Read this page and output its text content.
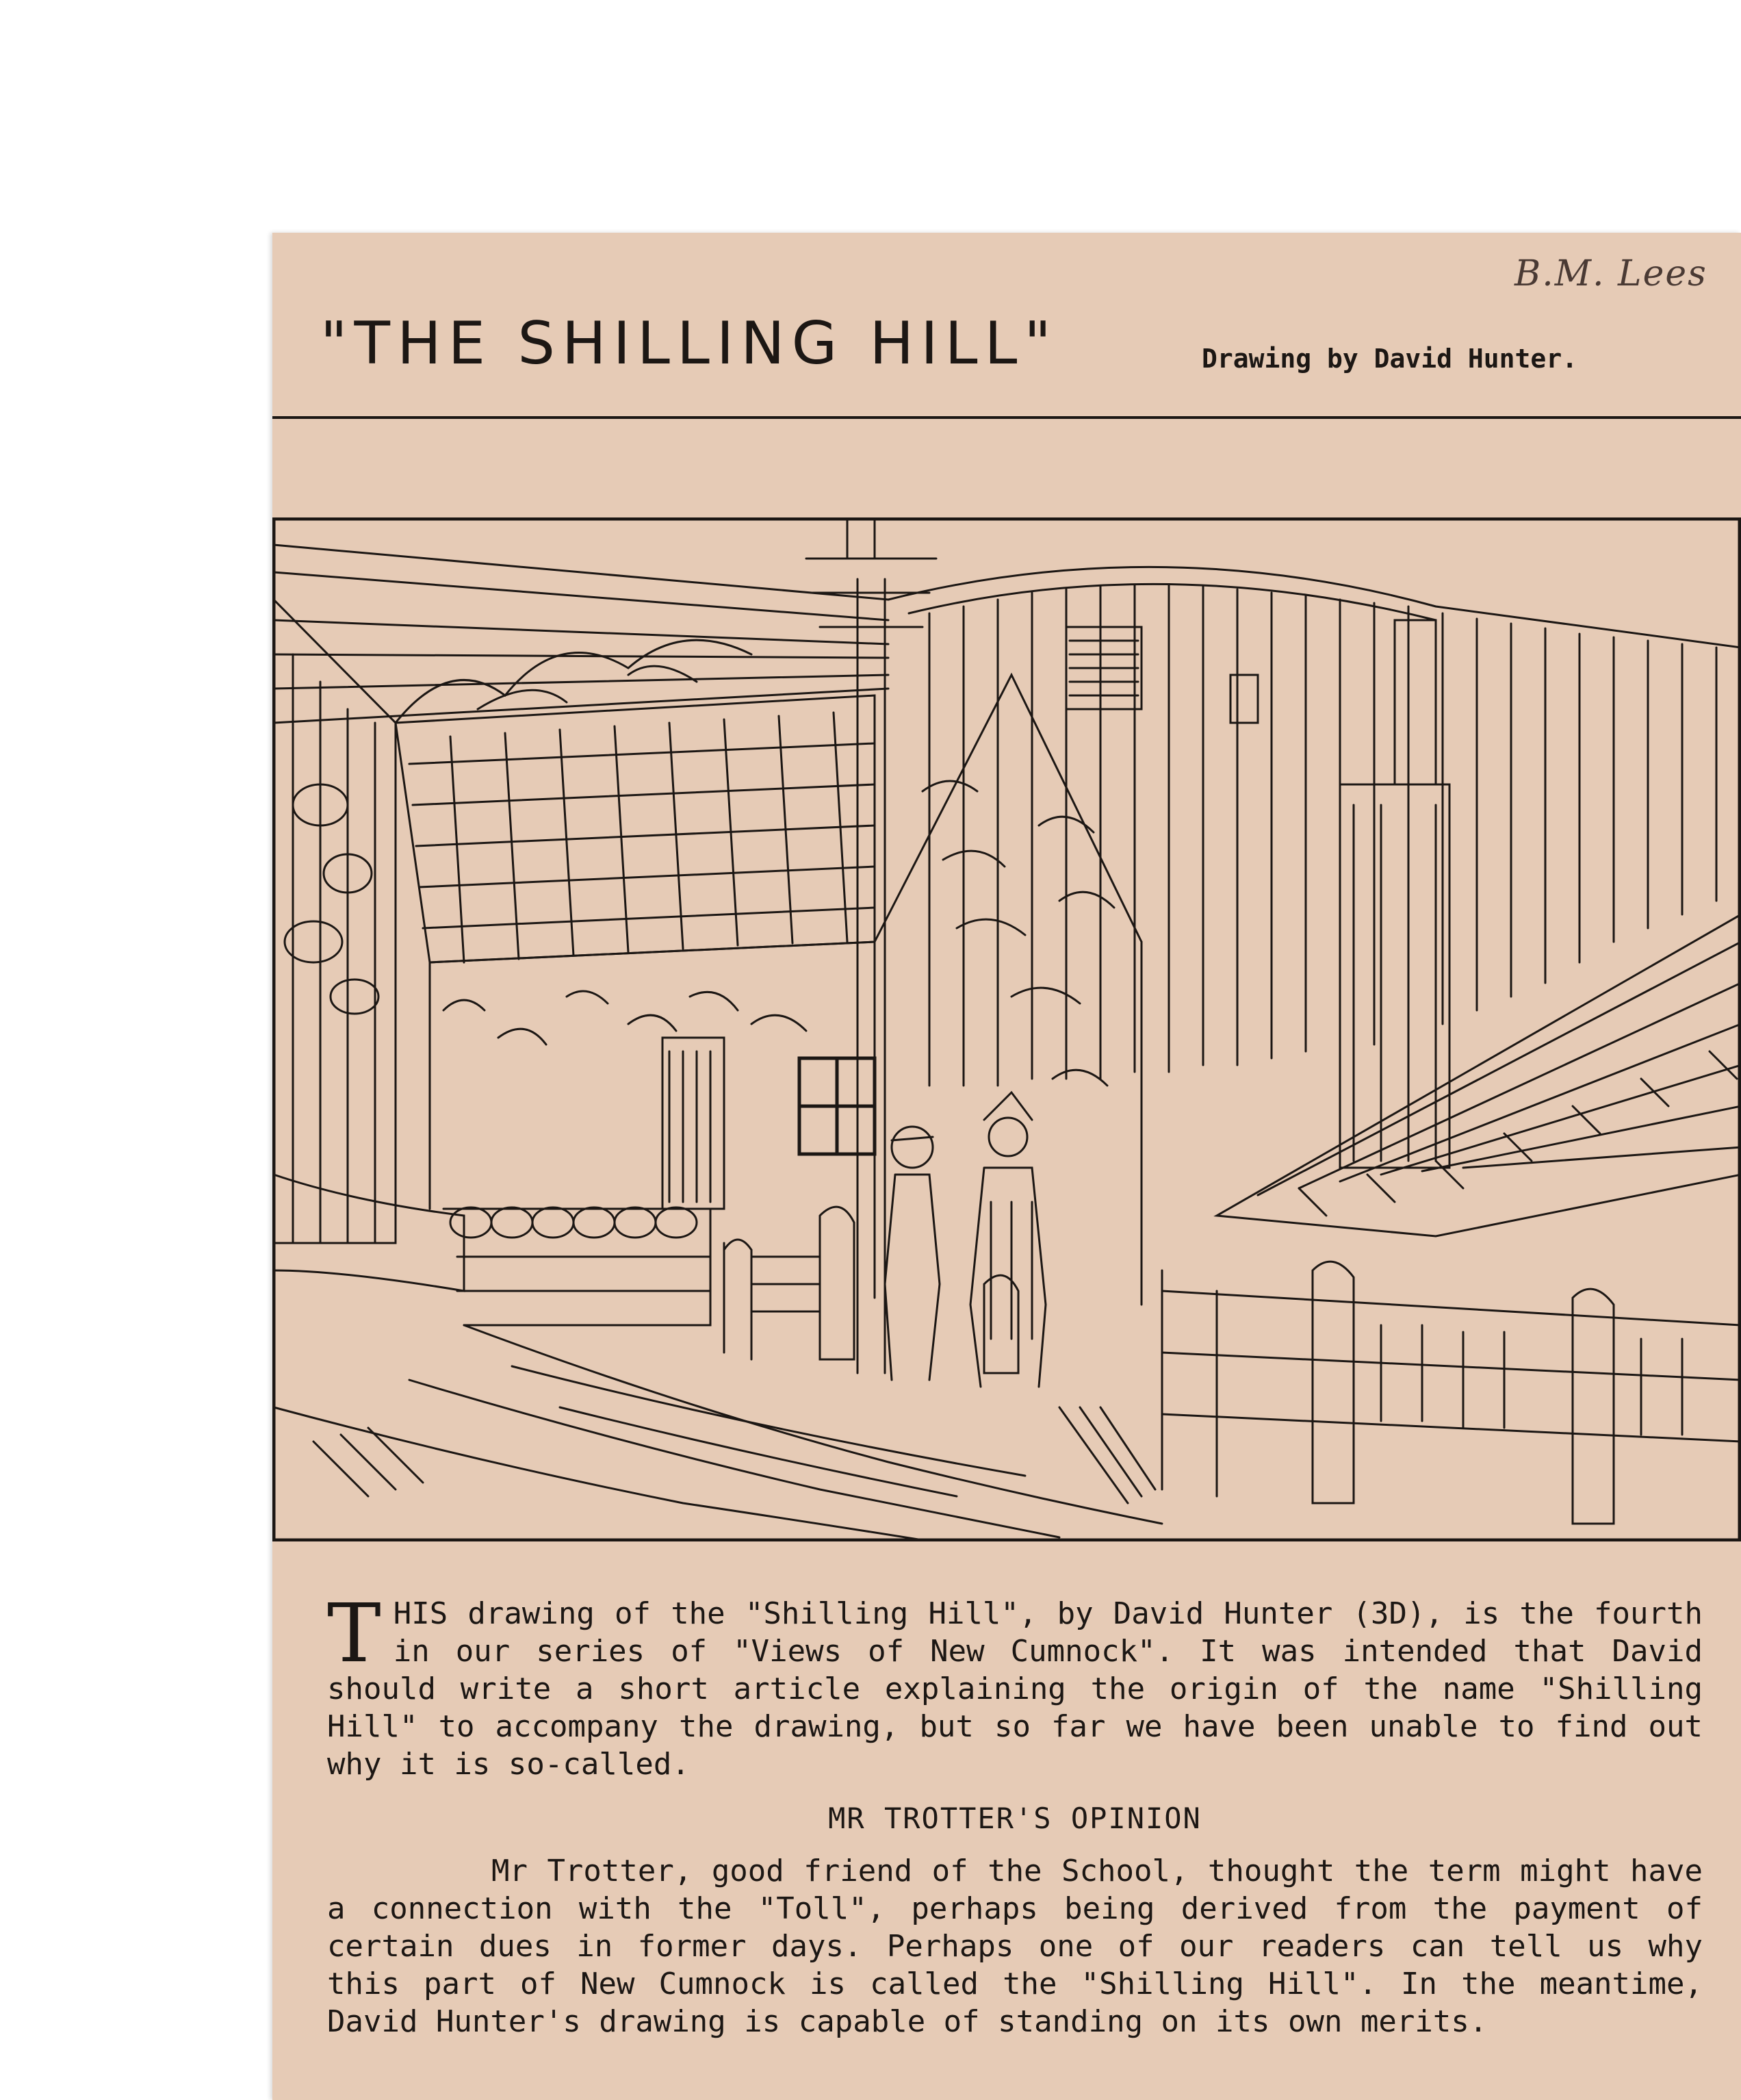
B.M. Lees
"THE SHILLING HILL"	Drawing by David Hunter.
T HIS drawing of the "Shilling Hill", by David Hunter (3D), is the fourth in our series of "Views of New Cumnock". It was intended that David should write a short article explaining the origin of the name "Shilling Hill" to accompany the drawing, but so far we have been unable to find out why it is so-called.

MR TROTTER'S OPINION

Mr Trotter, good friend of the School, thought the term might have a connection with the "Toll", perhaps being derived from the payment of certain dues in former days. Perhaps one of our readers can tell us why this part of New Cumnock is called the "Shilling Hill". In the meantime, David Hunter's drawing is capable of standing on its own merits.
